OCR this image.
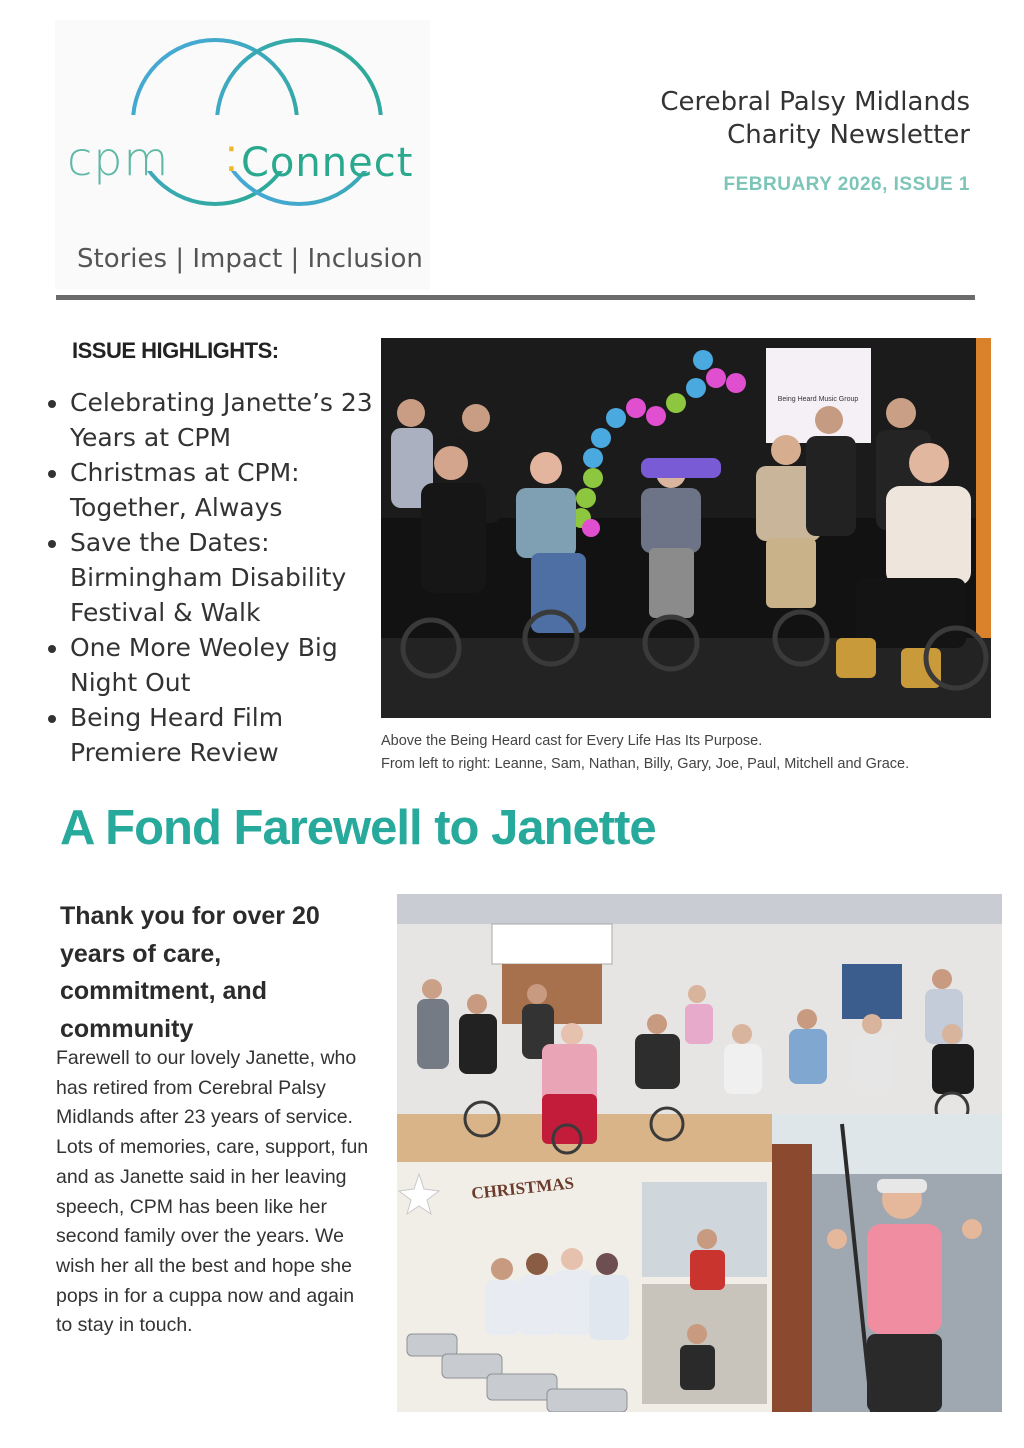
cpm : Connect
Stories | Impact | Inclusion
Cerebral Palsy Midlands
Charity Newsletter
FEBRUARY 2026, ISSUE 1
ISSUE HIGHLIGHTS:
• Celebrating Janette’s 23 Years at CPM
• Christmas at CPM: Together, Always
• Save the Dates: Birmingham Disability Festival & Walk
• One More Weoley Big Night Out
• Being Heard Film Premiere Review
Being Heard Music Group
Above the Being Heard cast for Every Life Has Its Purpose.
From left to right: Leanne, Sam, Nathan, Billy, Gary, Joe, Paul, Mitchell and Grace.
A Fond Farewell to Janette
Thank you for over 20 years of care, commitment, and community
Farewell to our lovely Janette, who has retired from Cerebral Palsy Midlands after 23 years of service. Lots of memories, care, support, fun and as Janette said in her leaving speech, CPM has been like her second family over the years. We wish her all the best and hope she pops in for a cuppa now and again to stay in touch.
CHRISTMAS
